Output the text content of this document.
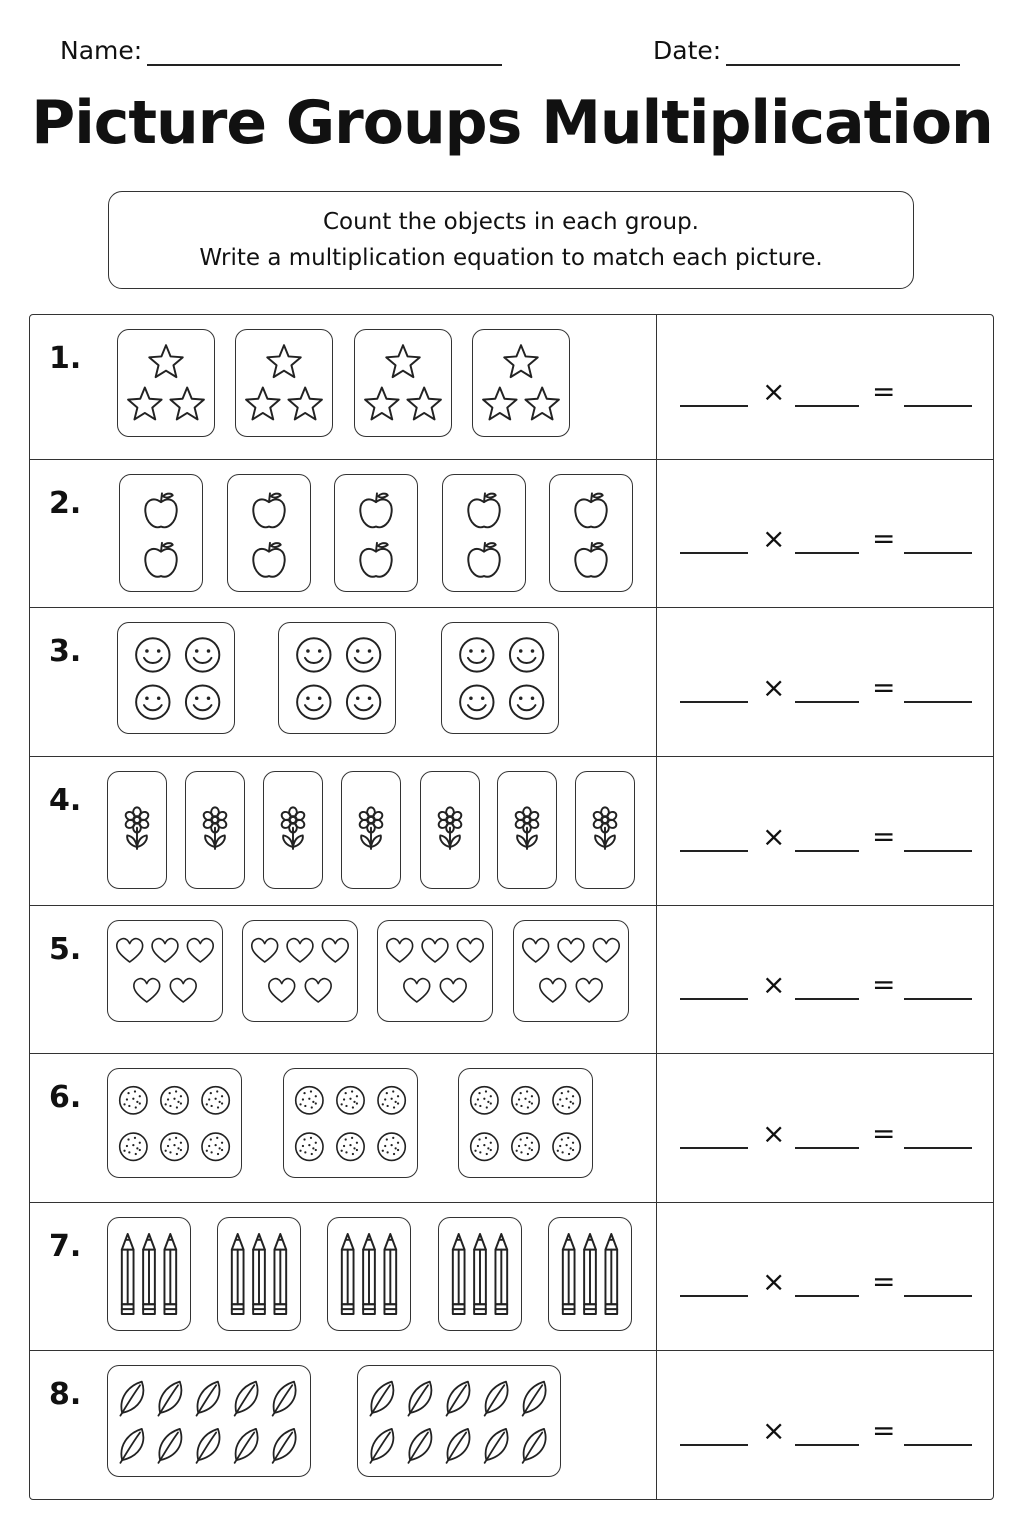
Name:	Date:
Picture Groups Multiplication
Count the objects in each group.
Write a multiplication equation to match each picture.
1.
×	=
2.
×	=
3.
×	=
4.
×	=
5.
×	=
6.
×	=
7.
×	=
8.
×	=
